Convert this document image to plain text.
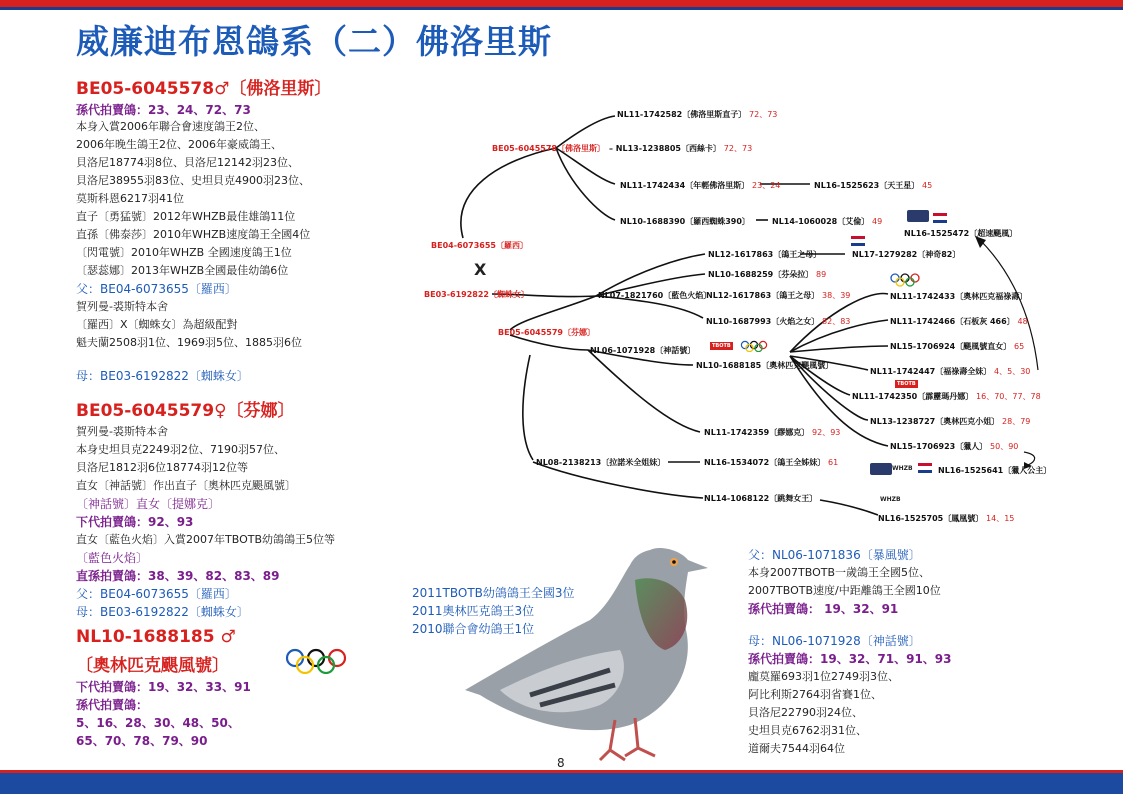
威廉迪布恩鴿系（二）佛洛里斯
BE05-6045578♂〔佛洛里斯〕
孫代拍賣鴿：23、24、72、73
本身入賞2006年聯合會速度鴿王2位、
2006年晚生鴿王2位、2006年豪威鴿王、
貝洛尼18774羽8位、貝洛尼12142羽23位、
貝洛尼38955羽83位、史坦貝克4900羽23位、
莫斯科恩6217羽41位
直子〔勇猛號〕2012年WHZB最佳雄鴿11位
直孫〔佛泰莎〕2010年WHZB速度鴿王全國4位
〔閃電號〕2010年WHZB 全國速度鴿王1位
〔瑟蕊娜〕2013年WHZB全國最佳幼鴿6位
父：BE04-6073655〔羅西〕
賀列曼-裘斯特本舍
〔羅西〕X〔蜘蛛女〕為超級配對
魁夫蘭2508羽1位、1969羽5位、1885羽6位
母：BE03-6192822〔蜘蛛女〕
BE05-6045579♀〔芬娜〕
賀列曼-裘斯特本舍
本身史坦貝克2249羽2位、7190羽57位、
貝洛尼1812羽6位18774羽12位等
直女〔神話號〕作出直子〔奧林匹克颶風號〕
〔神話號〕直女〔提娜克〕
下代拍賣鴿：92、93
直女〔藍色火焰〕入賞2007年TBOTB幼鴿鴿王5位等
〔藍色火焰〕
直孫拍賣鴿：38、39、82、83、89
父：BE04-6073655〔羅西〕
母：BE03-6192822〔蜘蛛女〕
NL10-1688185 ♂
〔奧林匹克颶風號〕
下代拍賣鴿：19、32、33、91
孫代拍賣鴿：
5、16、28、30、48、50、
65、70、78、79、90
NL11-1742582〔佛洛里斯直子〕 72、73
BE05-6045578〔佛洛里斯〕 – NL13-1238805〔西絲卡〕 72、73
NL11-1742434〔年輕佛洛里斯〕 23、24	NL16-1525623〔天王星〕 45
NL10-1688390〔羅西蜘蛛390〕	NL14-1060028〔艾倫〕 49
NL16-1525472〔超速颶風〕
BE04-6073655〔羅西〕
X
BE03-6192822〔蜘蛛女〕
BE05-6045579〔芬娜〕
NL12-1617863〔鴿王之母〕	NL17-1279282〔神奇82〕
NL10-1688259〔芬朵拉〕 89
NL07-1821760〔藍色火焰〕
NL12-1617863〔鴿王之母〕 38、39	NL11-1742433〔奧林匹克福祿壽〕
NL10-1687993〔火焰之女〕 82、83	NL11-1742466〔石板灰 466〕 48
NL06-1071928〔神話號〕	NL15-1706924〔颶風號直女〕 65
NL10-1688185〔奧林匹克颶風號〕
NL11-1742447〔福祿壽全妹〕 4、5、30
NL11-1742350〔霹靂瑪丹娜〕 16、70、77、78
NL13-1238727〔奧林匹克小姐〕 28、79
NL11-1742359〔繆娜克〕 92、93
NL15-1706923〔獵人〕 50、90
NL08-2138213〔拉諾米全姐妹〕	NL16-1534072〔鴿王全姊妹〕 61
NL16-1525641〔獵人公主〕
NL14-1068122〔跳舞女王〕
NL16-1525705〔鳳凰號〕 14、15
WHZB
WHZB
TBOTB
TBOTB
2011TBOTB幼鴿鴿王全國3位
2011奧林匹克鴿王3位
2010聯合會幼鴿王1位
父：NL06-1071836〔暴風號〕
本身2007TBOTB一歲鴿王全國5位、
2007TBOTB速度/中距離鴿王全國10位
孫代拍賣鴿： 19、32、91
母：NL06-1071928〔神話號〕
孫代拍賣鴿：19、32、71、91、93
龐莫羅693羽1位2749羽3位、
阿比利斯2764羽省賽1位、
貝洛尼22790羽24位、
史坦貝克6762羽31位、
道爾夫7544羽64位
8
